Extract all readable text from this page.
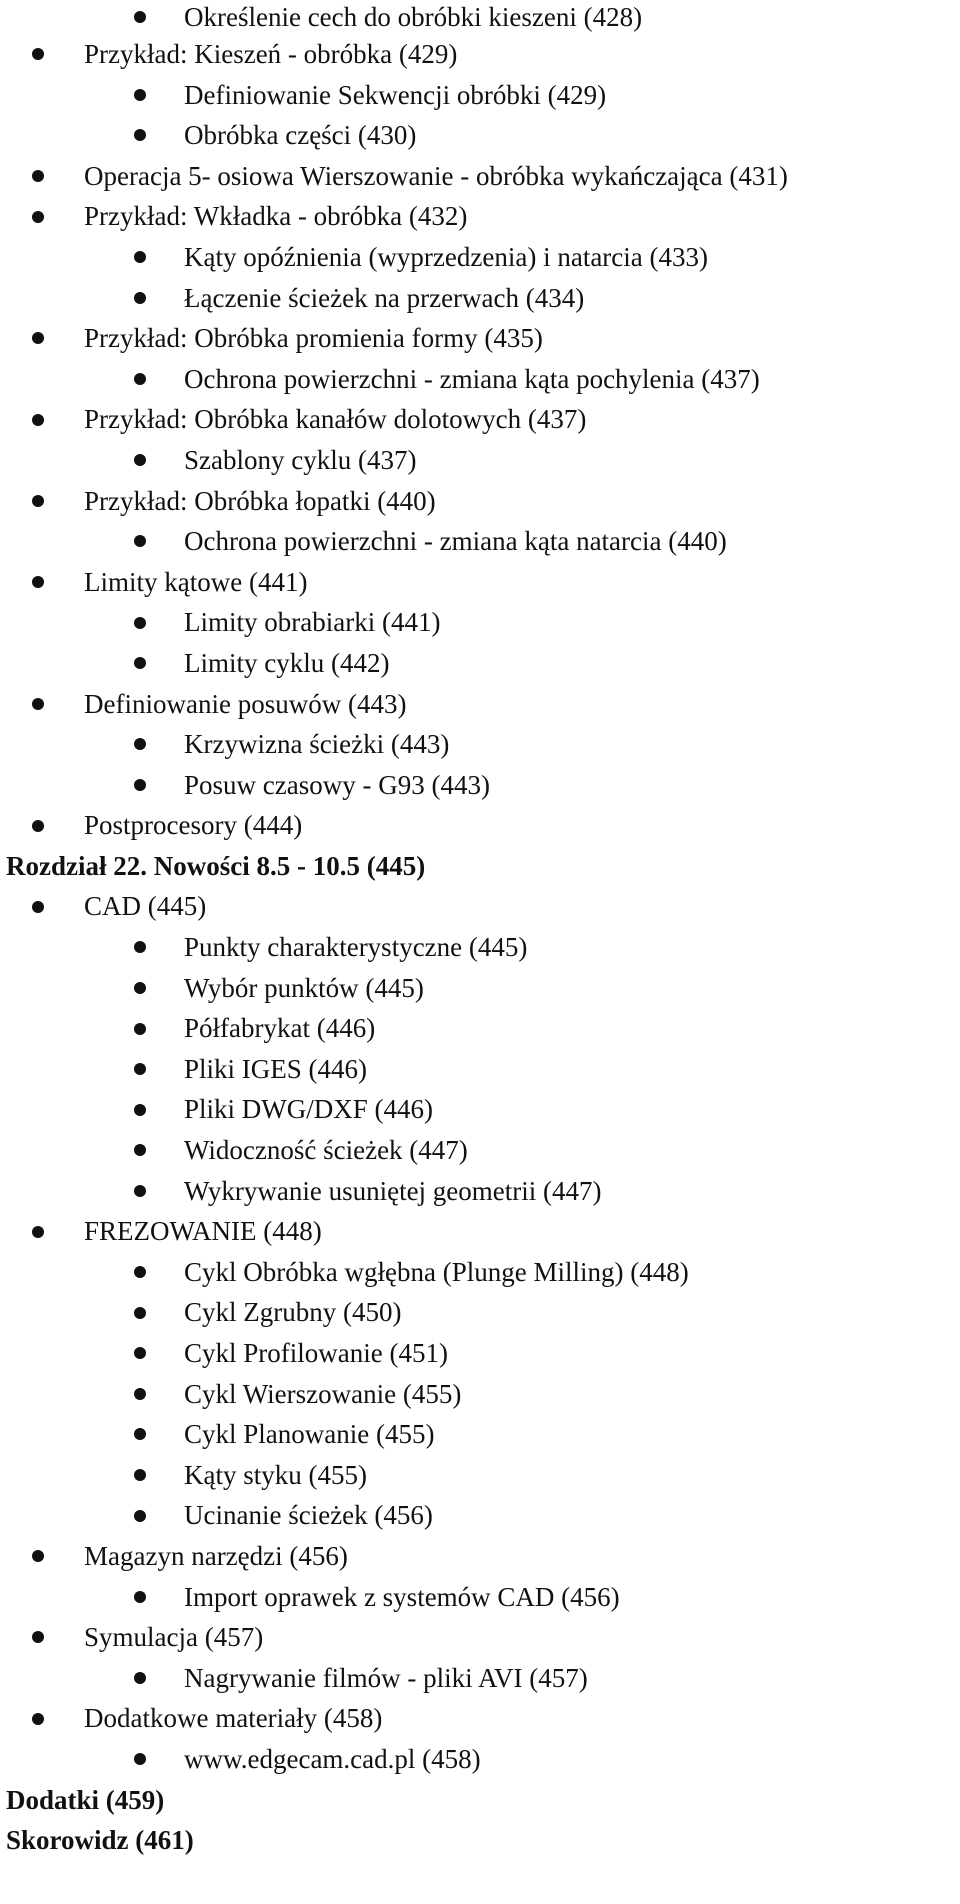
Określenie cech do obróbki kieszeni (428)
Przykład: Kieszeń - obróbka (429)
Definiowanie Sekwencji obróbki (429)
Obróbka części (430)
Operacja 5- osiowa Wierszowanie - obróbka wykańczająca (431)
Przykład: Wkładka - obróbka (432)
Kąty opóźnienia (wyprzedzenia) i natarcia (433)
Łączenie ścieżek na przerwach (434)
Przykład: Obróbka promienia formy (435)
Ochrona powierzchni - zmiana kąta pochylenia (437)
Przykład: Obróbka kanałów dolotowych (437)
Szablony cyklu (437)
Przykład: Obróbka łopatki (440)
Ochrona powierzchni - zmiana kąta natarcia (440)
Limity kątowe (441)
Limity obrabiarki (441)
Limity cyklu (442)
Definiowanie posuwów (443)
Krzywizna ścieżki (443)
Posuw czasowy - G93 (443)
Postprocesory (444)
Rozdział 22. Nowości 8.5 - 10.5 (445)
CAD (445)
Punkty charakterystyczne (445)
Wybór punktów (445)
Półfabrykat (446)
Pliki IGES (446)
Pliki DWG/DXF (446)
Widoczność ścieżek (447)
Wykrywanie usuniętej geometrii (447)
FREZOWANIE (448)
Cykl Obróbka wgłębna (Plunge Milling) (448)
Cykl Zgrubny (450)
Cykl Profilowanie (451)
Cykl Wierszowanie (455)
Cykl Planowanie (455)
Kąty styku (455)
Ucinanie ścieżek (456)
Magazyn narzędzi (456)
Import oprawek z systemów CAD (456)
Symulacja (457)
Nagrywanie filmów - pliki AVI (457)
Dodatkowe materiały (458)
www.edgecam.cad.pl (458)
Dodatki (459)
Skorowidz (461)
